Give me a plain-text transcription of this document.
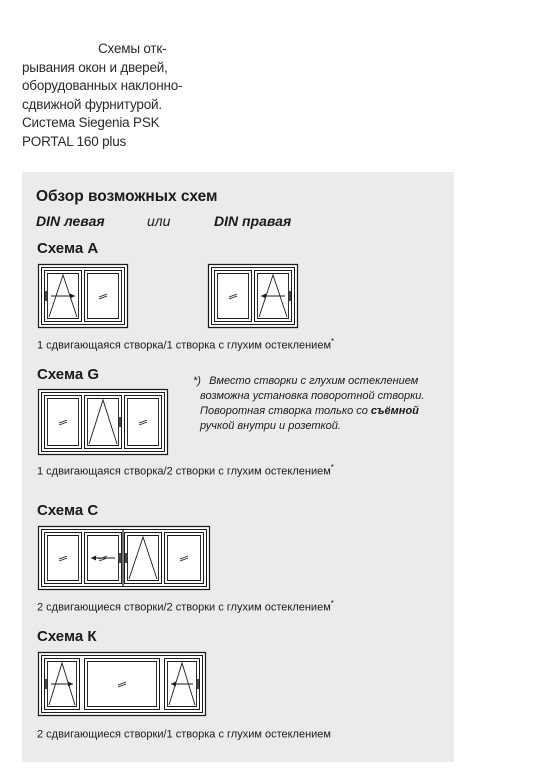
Схемы отк-
рывания окон и дверей,
оборудованных наклонно-
сдвижной фурнитурой.
Система Siegenia PSK
PORTAL 160 plus
Обзор возможных схем
DIN левая	или	DIN правая
Схема А
1 сдвигающаяся створка/1 створка с глухим остеклением*
Схема G
1 сдвигающаяся створка/2 створки с глухим остеклением*
*) Вместо створки с глухим остеклением
возможна установка поворотной створки.
Поворотная створка только со съёмной
ручкой внутри и розеткой.
Схема С
2 сдвигающиеся створки/2 створки с глухим остеклением*
Схема К
2 сдвигающиеся створки/1 створка с глухим остеклением
